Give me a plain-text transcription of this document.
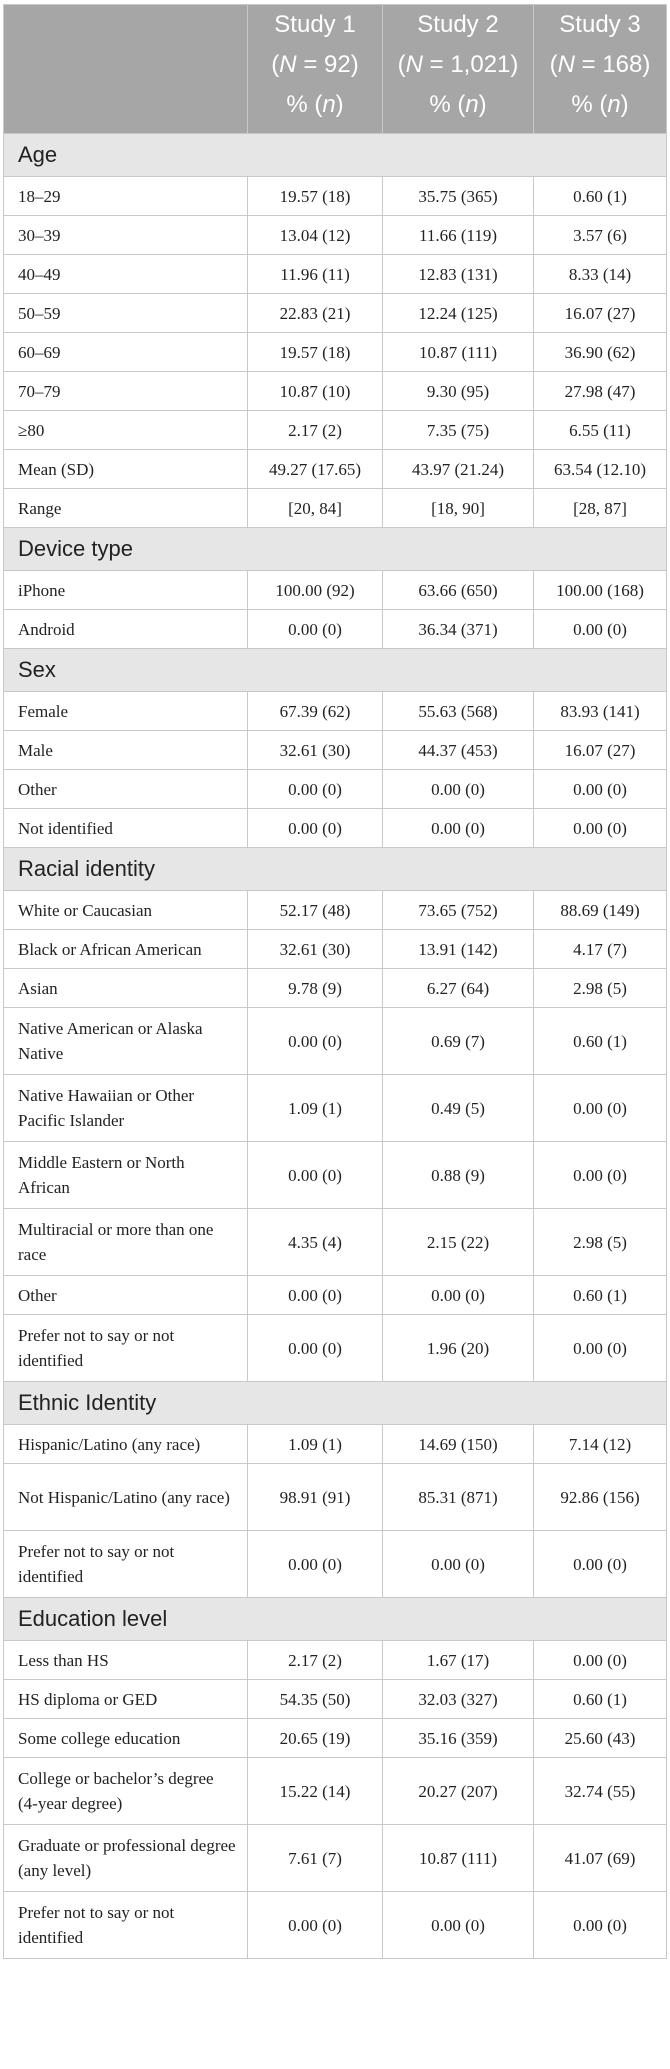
	Study 1
(N = 92)
% (n)	Study 2
(N = 1,021)
% (n)	Study 3
(N = 168)
% (n)

Age			
18–29	19.57 (18)	35.75 (365)	0.60 (1)
30–39	13.04 (12)	11.66 (119)	3.57 (6)
40–49	11.96 (11)	12.83 (131)	8.33 (14)
50–59	22.83 (21)	12.24 (125)	16.07 (27)
60–69	19.57 (18)	10.87 (111)	36.90 (62)
70–79	10.87 (10)	9.30 (95)	27.98 (47)
≥80	2.17 (2)	7.35 (75)	6.55 (11)
Mean (SD)	49.27 (17.65)	43.97 (21.24)	63.54 (12.10)
Range	[20, 84]	[18, 90]	[28, 87]
Device type			
iPhone	100.00 (92)	63.66 (650)	100.00 (168)
Android	0.00 (0)	36.34 (371)	0.00 (0)
Sex			
Female	67.39 (62)	55.63 (568)	83.93 (141)
Male	32.61 (30)	44.37 (453)	16.07 (27)
Other	0.00 (0)	0.00 (0)	0.00 (0)
Not identified	0.00 (0)	0.00 (0)	0.00 (0)
Racial identity			
White or Caucasian	52.17 (48)	73.65 (752)	88.69 (149)
Black or African American	32.61 (30)	13.91 (142)	4.17 (7)
Asian	9.78 (9)	6.27 (64)	2.98 (5)
Native American or Alaska Native	0.00 (0)	0.69 (7)	0.60 (1)
Native Hawaiian or Other Pacific Islander	1.09 (1)	0.49 (5)	0.00 (0)
Middle Eastern or North African	0.00 (0)	0.88 (9)	0.00 (0)
Multiracial or more than one race	4.35 (4)	2.15 (22)	2.98 (5)
Other	0.00 (0)	0.00 (0)	0.60 (1)
Prefer not to say or not identified	0.00 (0)	1.96 (20)	0.00 (0)
Ethnic Identity			
Hispanic/Latino (any race)	1.09 (1)	14.69 (150)	7.14 (12)
Not Hispanic/Latino (any race)	98.91 (91)	85.31 (871)	92.86 (156)
Prefer not to say or not identified	0.00 (0)	0.00 (0)	0.00 (0)
Education level			
Less than HS	2.17 (2)	1.67 (17)	0.00 (0)
HS diploma or GED	54.35 (50)	32.03 (327)	0.60 (1)
Some college education	20.65 (19)	35.16 (359)	25.60 (43)
College or bachelor’s degree (4-year degree)	15.22 (14)	20.27 (207)	32.74 (55)
Graduate or professional degree (any level)	7.61 (7)	10.87 (111)	41.07 (69)
Prefer not to say or not identified	0.00 (0)	0.00 (0)	0.00 (0)
